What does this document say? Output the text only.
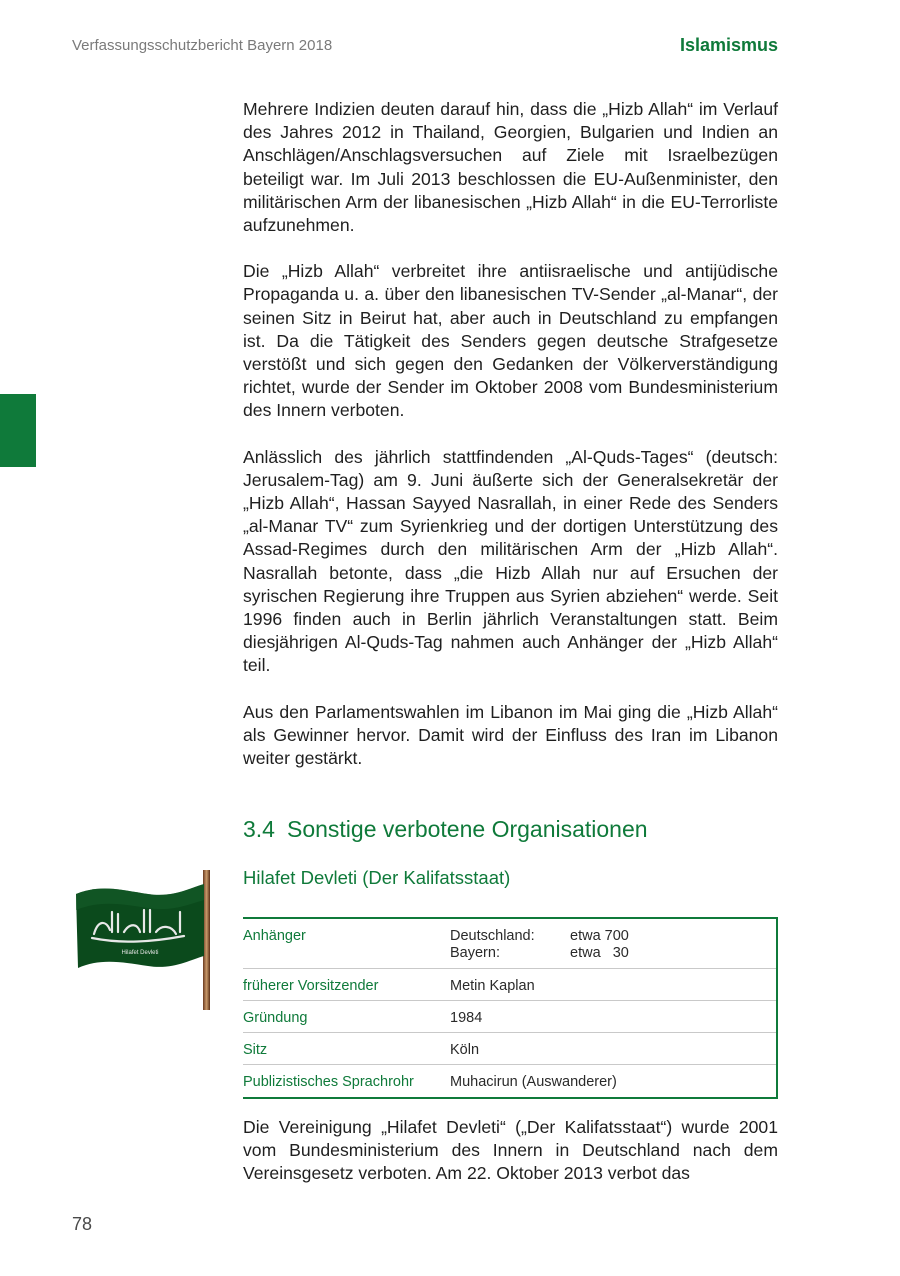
Verfassungsschutzbericht Bayern 2018	Islamismus

Mehrere Indizien deuten darauf hin, dass die „Hizb Allah“ im Verlauf des Jahres 2012 in Thailand, Georgien, Bulgarien und Indien an Anschlägen/Anschlagsversuchen auf Ziele mit Israelbezügen beteiligt war. Im Juli 2013 beschlossen die EU-Außenminister, den militärischen Arm der libanesischen „Hizb Allah“ in die EU-Terrorliste aufzunehmen.

Die „Hizb Allah“ verbreitet ihre antiisraelische und antijüdische Propaganda u. a. über den libanesischen TV-Sender „al-Manar“, der seinen Sitz in Beirut hat, aber auch in Deutschland zu empfangen ist. Da die Tätigkeit des Senders gegen deutsche Strafgesetze verstößt und sich gegen den Gedanken der Völkerverständigung richtet, wurde der Sender im Oktober 2008 vom Bundesministerium des Innern verboten.

Anlässlich des jährlich stattfindenden „Al-Quds-Tages“ (deutsch: Jerusalem-Tag) am 9. Juni äußerte sich der Generalsekretär der „Hizb Allah“, Hassan Sayyed Nasrallah, in einer Rede des Senders „al-Manar TV“ zum Syrienkrieg und der dortigen Unterstützung des Assad-Regimes durch den militärischen Arm der „Hizb Allah“. Nasrallah betonte, dass „die Hizb Allah nur auf Ersuchen der syrischen Regierung ihre Truppen aus Syrien abziehen“ werde. Seit 1996 finden auch in Berlin jährlich Veranstaltungen statt. Beim diesjährigen Al-Quds-Tag nahmen auch Anhänger der „Hizb Allah“ teil.

Aus den Parlamentswahlen im Libanon im Mai ging die „Hizb Allah“ als Gewinner hervor. Damit wird der Einfluss des Iran im Libanon weiter gestärkt.

3.4 Sonstige verbotene Organisationen
Hilafet Devleti (Der Kalifatsstaat)
Hilafet Devleti
Anhänger	Deutschland:	etwa 700
Bayern:	etwa   30
früherer Vorsitzender	Metin Kaplan
Gründung	1984
Sitz	Köln
Publizistisches Sprachrohr	Muhacirun (Auswanderer)

Die Vereinigung „Hilafet Devleti“ („Der Kalifatsstaat“) wurde 2001 vom Bundesministerium des Innern in Deutschland nach dem Vereinsgesetz verboten. Am 22. Oktober 2013 verbot das

78
